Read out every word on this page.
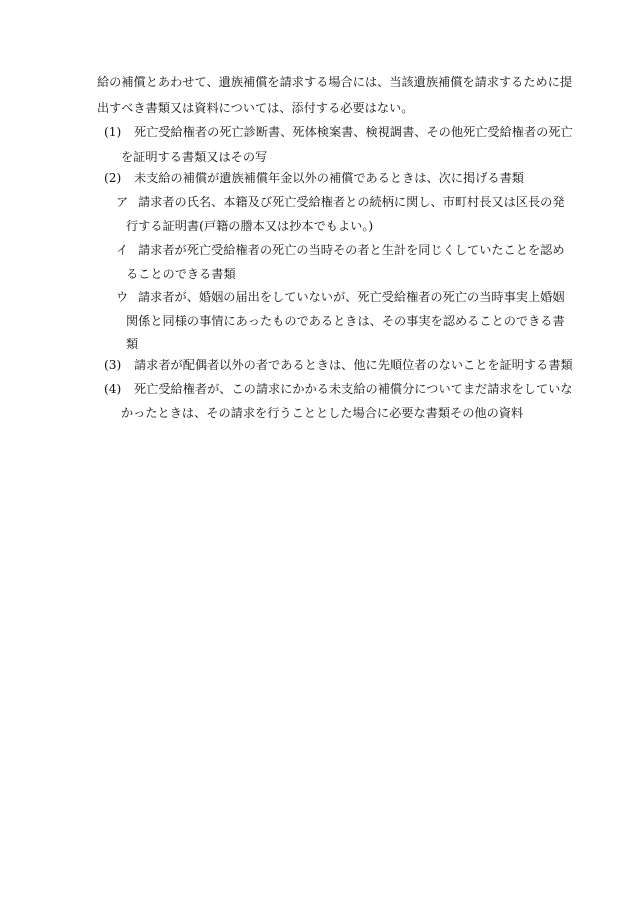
給の補償とあわせて、遺族補償を請求する場合には、当該遺族補償を請求するために提
出すべき書類又は資料については、添付する必要はない。
(1) 死亡受給権者の死亡診断書、死体検案書、検視調書、その他死亡受給権者の死亡
を証明する書類又はその写
(2) 未支給の補償が遺族補償年金以外の補償であるときは、次に掲げる書類
ア 請求者の氏名、本籍及び死亡受給権者との続柄に関し、市町村長又は区長の発
行する証明書(戸籍の謄本又は抄本でもよい。)
イ 請求者が死亡受給権者の死亡の当時その者と生計を同じくしていたことを認め
ることのできる書類
ウ 請求者が、婚姻の届出をしていないが、死亡受給権者の死亡の当時事実上婚姻
関係と同様の事情にあったものであるときは、その事実を認めることのできる書
類
(3) 請求者が配偶者以外の者であるときは、他に先順位者のないことを証明する書類
(4) 死亡受給権者が、この請求にかかる未支給の補償分についてまだ請求をしていな
かったときは、その請求を行うこととした場合に必要な書類その他の資料
